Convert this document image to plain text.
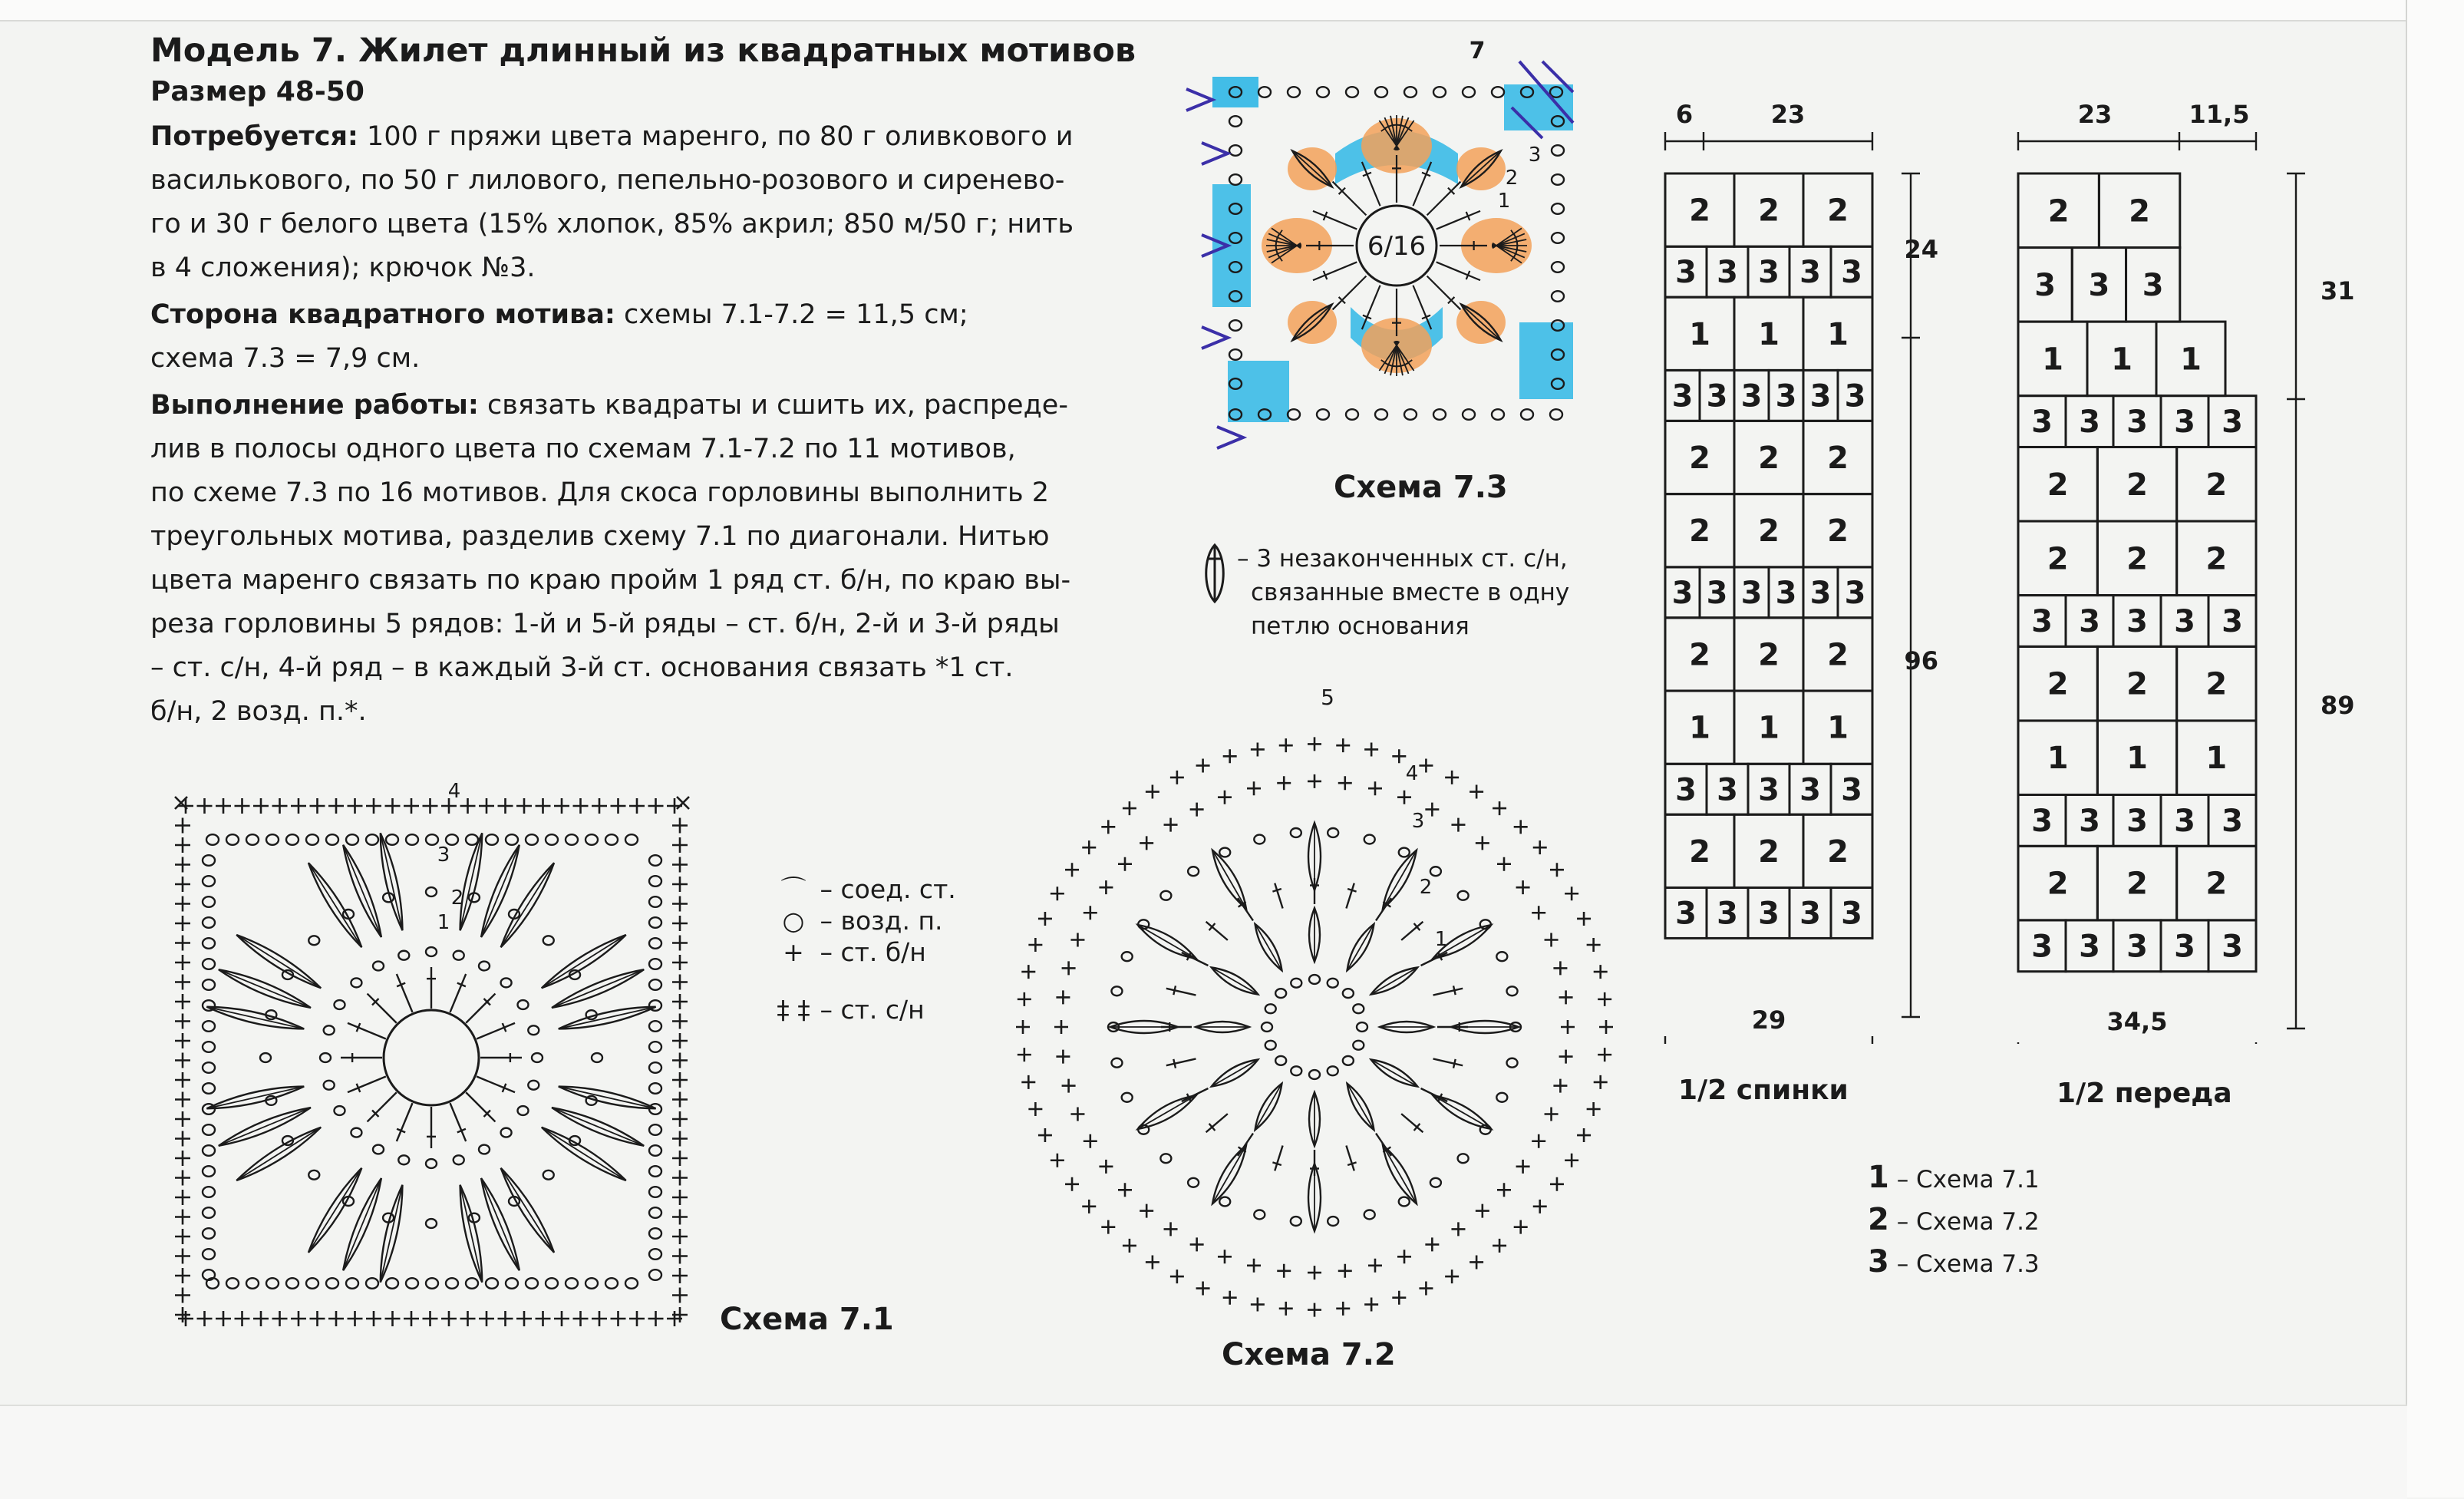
Модель 7. Жилет длинный из квадратных мотивов
Размер 48-50

Потребуется: 100 г пряжи цвета маренго, по 80 г оливкового и

василькового, по 50 г лилового, пепельно-розового и сиренево-

го и 30 г белого цвета (15% хлопок, 85% акрил; 850 м/50 г; нить

в 4 сложения); крючок №3.

Сторона квадратного мотива: схемы 7.1-7.2 = 11,5 см;

схема 7.3 = 7,9 см.

Выполнение работы: связать квадраты и сшить их, распреде-

лив в полосы одного цвета по схемам 7.1-7.2 по 11 мотивов,

по схеме 7.3 по 16 мотивов. Для скоса горловины выполнить 2

треугольных мотива, разделив схему 7.1 по диагонали. Нитью

цвета маренго связать по краю пройм 1 ряд ст. б/н, по краю вы-

реза горловины 5 рядов: 1-й и 5-й ряды – ст. б/н, 2-й и 3-й ряды

– ст. с/н, 4-й ряд – в каждый 3-й ст. основания связать *1 ст.

б/н, 2 возд. п.*.

1
2
3
4
Схема 7.1
1
2
3
4
5
Схема 7.2
6/16
7
1
2
3
Схема 7.3
– 3 незаконченных ст. с/н,
связанные вместе в одну
петлю основания
⌒ – соед. ст.
○ – возд. п.
+ – ст. б/н
‡ ‡ – ст. с/н
2 2 2
3 3 3 3 3
1 1 1
3 3 3 3 3 3
2 2 2
2 2 2
3 3 3 3 3 3
2 2 2
1 1 1
3 3 3 3 3
2 2 2
3 3 3 3 3
2 2
3 3 3
1 1 1
3 3 3 3 3
2 2 2
2 2 2
3 3 3 3 3
2 2 2
1 1 1
3 3 3 3 3
2 2 2
3 3 3 3 3
6	23
29
24
96
23	11,5
34,5
31
89
1/2 спинки	1/2 переда
1 – Схема 7.1
2 – Схема 7.2
3 – Схема 7.3
